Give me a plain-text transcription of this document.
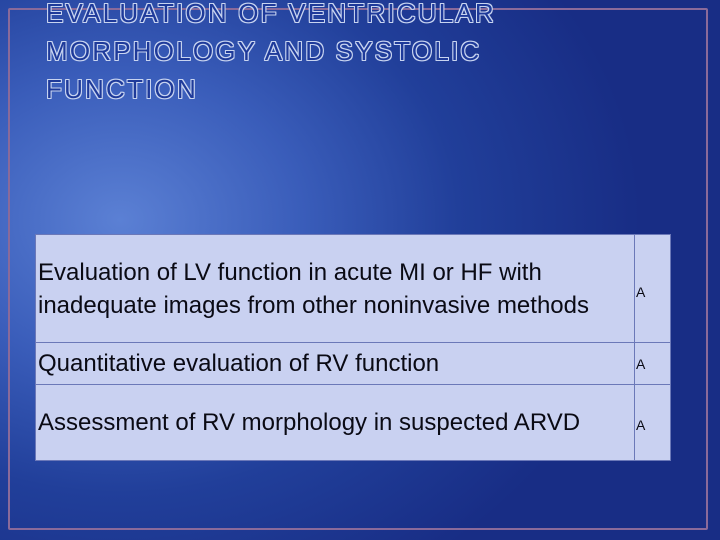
EVALUATION OF VENTRICULAR
MORPHOLOGY AND SYSTOLIC
FUNCTION
Evaluation of LV function in acute MI or HF with inadequate images from other noninvasive methods	A
Quantitative evaluation of RV function	A
Assessment of RV morphology in suspected ARVD	A
